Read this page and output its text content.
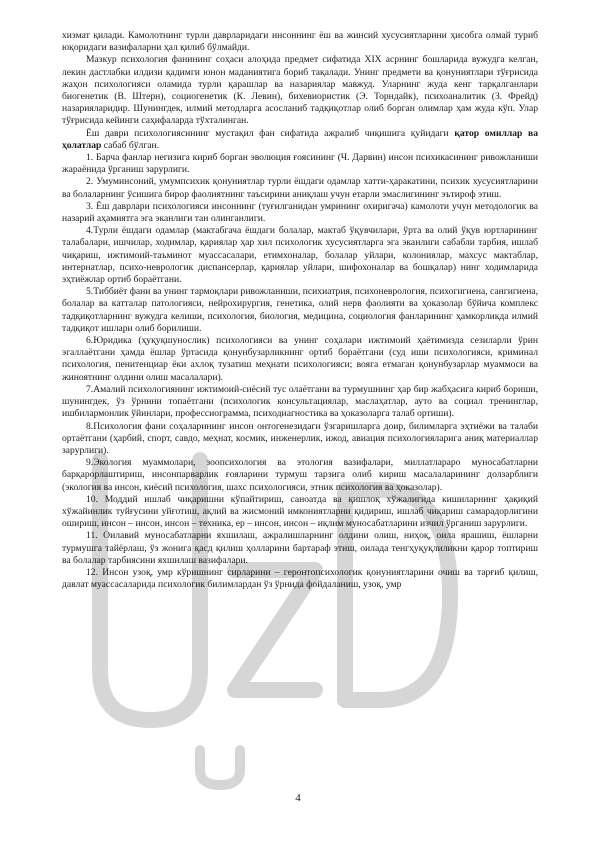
хизмат қилади. Камолотнинг турли даврларидаги инсоннинг ёш ва жинсий хусусиятларини ҳисобга олмай туриб юқоридаги вазифаларни ҳал қилиб бўлмайди.

Мазкур психология фанининг соҳаси алоҳида предмет сифатида XIX асрнинг бошларида вужудга келган, лекин дастлабки илдизи қадимги юнон маданиятига бориб тақалади. Унинг предмети ва қонуниятлари тўғрисида жаҳон психологияси оламида турли қарашлар ва назариялар мавжуд. Уларнинг жуда кенг тарқалганлари биогенетик (В. Штерн), социогенетик (К. Левин), бихевиористик (Э. Торндайк), психоаналитик (З. Фрейд) назарияларидир. Шунингдек, илмий методларга асосланиб тадқиқотлар олиб борган олимлар ҳам жуда кўп. Улар тўғрисида кейинги саҳифаларда тўхталинган.

Ёш даври психологиясининг мустақил фан сифатида ажралиб чиқишига қуйидаги қатор омиллар ва ҳолатлар сабаб бўлган.

1. Барча фанлар негизига кириб борган эволюция ғоясининг (Ч. Дарвин) инсон психикасининг ривожланиши жараёнида ўрганиш зарурлиги.

2. Умуминсоний, умумпсихик қонуниятлар турли ёшдаги одамлар хатти-ҳаракатини, психик хусусиятларини ва болаларнинг ўсишига бирор фаолиятнинг таъсирини аниқлаш учун етарли эмаслигининг эътироф этиш.

3. Ёш даврлари психологияси инсоннинг (туғилганидан умрининг охиригача) камолоти учун методологик ва назарий аҳамиятга эга эканлиги тан олинганлиги.

4.Турли ёшдаги одамлар (мактабгача ёшдаги болалар, мактаб ўқувчилари, ўрта ва олий ўқув юртларининг талабалари, ишчилар, ходимлар, қариялар ҳар хил психологик хусусиятларга эга эканлиги сабабли тарбия, ишлаб чиқариш, ижтимоий-таъминот муассасалари, етимхоналар, болалар уйлари, колониялар, махсус мактаблар, интернатлар, психо-неврологик диспансерлар, қариялар уйлари, шифохоналар ва бошқалар) нинг ходимларида эҳтиёжлар ортиб бораётгани.

5.Тиббиёт фани ва унинг тармоқлари ривожланиши, психиатрия, психоневрология, психогигиена, сангигиена, болалар ва катталар патологияси, нейрохирургия, генетика, олий нерв фаолияти ва ҳоказолар бўйича комплекс тадқиқотларнинг вужудга келиши, психология, биология, медицина, социология фанларининг ҳамкорликда илмий тадқиқот ишлари олиб борилиши.

6.Юридика (ҳуқуқшунослик) психологияси ва унинг соҳалари ижтимоий ҳаётимизда сезиларли ўрин эгаллаётгани ҳамда ёшлар ўртасида қонунбузарликнинг ортиб бораётгани (суд иши психологияси, криминал психология, пенитенциар ёки ахлоқ тузатиш меҳнати психологияси; вояга етмаган қонунбузарлар муаммоси ва жиноятнинг олдини олиш масалалари).

7.Амалий психологиянинг ижтимоий-сиёсий тус олаётгани ва турмушнинг ҳар бир жабҳасига кириб бориши, шунингдек, ўз ўрнини топаётгани (психологик консультациялар, маслаҳатлар, ауто ва социал тренинглар, ишбилармонлик ўйинлари, профессиограмма, психодиагностика ва ҳоказоларга талаб ортиши).

8.Психология фани соҳаларининг инсон онтогенезидаги ўзгаришларга доир, билимларга эҳтиёжи ва талаби ортаётгани (ҳарбий, спорт, савдо, меҳнат, космик, инженерлик, ижод, авиация психологияларига аниқ материаллар зарурлиги).

9.Экология муаммолари, зоопсихология ва этология вазифалари, миллатлараро муносабатларни барқарорлаштириш, инсонпарварлик ғояларини турмуш тарзига олиб кириш масалаларининг долзарблиги (экология ва инсон, киёсий психология, шахс психологияси, этник психология ва ҳоказолар).

10. Моддий ишлаб чиқаришни кўпайтириш, саноатда ва қишлоқ хўжалигида кишиларнинг ҳақиқий хўжайинлик туйғусини уйғотиш, ақлий ва жисмоний имкониятларни қидириш, ишлаб чиқариш самарадорлигини ошириш, инсон – инсон, инсон – техника, ер – инсон, инсон – иқлим муносабатларини изчил ўрганиш зарурлиги.

11. Оилавий муносабатларни яхшилаш, ажралишларнинг олдини олиш, ниҳоқ, оила ярашиш, ёшларни турмушга тайёрлаш, ўз жонига қасд қилиш ҳолларини бартараф этиш, оилада тенгҳуқуқлиликни қарор топтириш ва болалар тарбиясини яхшилаш вазифалари.

12. Инсон узоқ, умр кўришнинг сирларини – геронтопсихологик қонуниятларини очиш ва тарғиб қилиш, давлат муассасаларида психологик билимлардан ўз ўрнида фойдаланиш, узоқ, умр

4
